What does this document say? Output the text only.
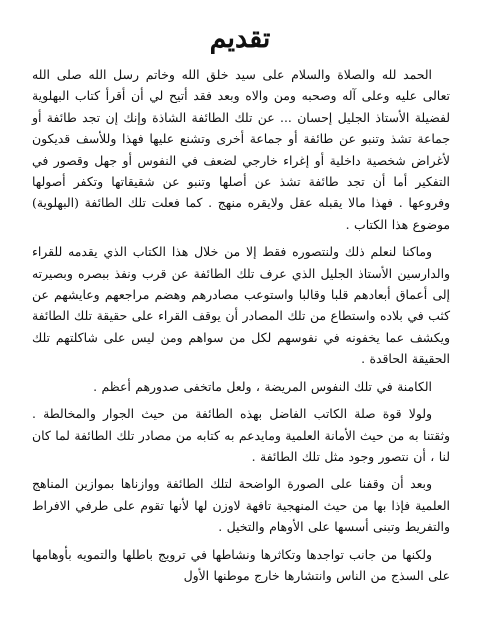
تقديم

الحمد لله والصلاة والسلام على سيد خلق الله وخاتم رسل الله صلى الله تعالى عليه وعلى آله وصحبه ومن والاه وبعد فقد أتيح لي أن أقرأ كتاب البهلوية لفضيلة الأستاذ الجليل إحسان ... عن تلك الطائفة الشاذة وإنك إن تجد طائفة أو جماعة تشذ وتنبو عن طائفة أو جماعة أخرى وتشنع عليها فهذا وللأسف قديكون لأغراض شخصية داخلية أو إغراء خارجي لضعف في النفوس أو جهل وقصور في التفكير أما أن تجد طائفة تشذ عن أصلها وتنبو عن شقيقاتها وتكفر أصولها وفروعها . فهذا مالا يقبله عقل ولايقره منهج . كما فعلت تلك الطائفة (البهلوية) موضوع هذا الكتاب .

وماكنا لنعلم ذلك ولنتصوره فقط إلا من خلال هذا الكتاب الذي يقدمه للقراء والدارسين الأستاذ الجليل الذي عرف تلك الطائفة عن قرب ونفذ ببصره وبصيرته إلى أعماق أبعادهم قلبا وقالبا واستوعب مصادرهم وهضم مراجعهم وعايشهم عن كثب في بلاده واستطاع من تلك المصادر أن يوقف القراء على حقيقة تلك الطائفة ويكشف عما يخفونه في نفوسهم لكل من سواهم ومن ليس على شاكلتهم تلك الحقيقة الحاقدة .

الكامنة في تلك النفوس المريضة ، ولعل ماتخفى صدورهم أعظم .

ولولا قوة صلة الكاتب الفاضل بهذه الطائفة من حيث الجوار والمخالطة . وثقتنا به من حيث الأمانة العلمية ومايدعم به كتابه من مصادر تلك الطائفة لما كان لنا ، أن نتصور وجود مثل تلك الطائفة .

وبعد أن وقفنا على الصورة الواضحة لتلك الطائفة ووازناها بموازين المناهج العلمية فإذا بها من حيث المنهجية تافهة لاوزن لها لأنها تقوم على طرفي الافراط والتفريط وتبنى أسسها على الأوهام والتخيل .

ولكنها من جانب تواجدها وتكاثرها ونشاطها في ترويج باطلها والتمويه بأوهامها على السذج من الناس وانتشارها خارج موطنها الأول
